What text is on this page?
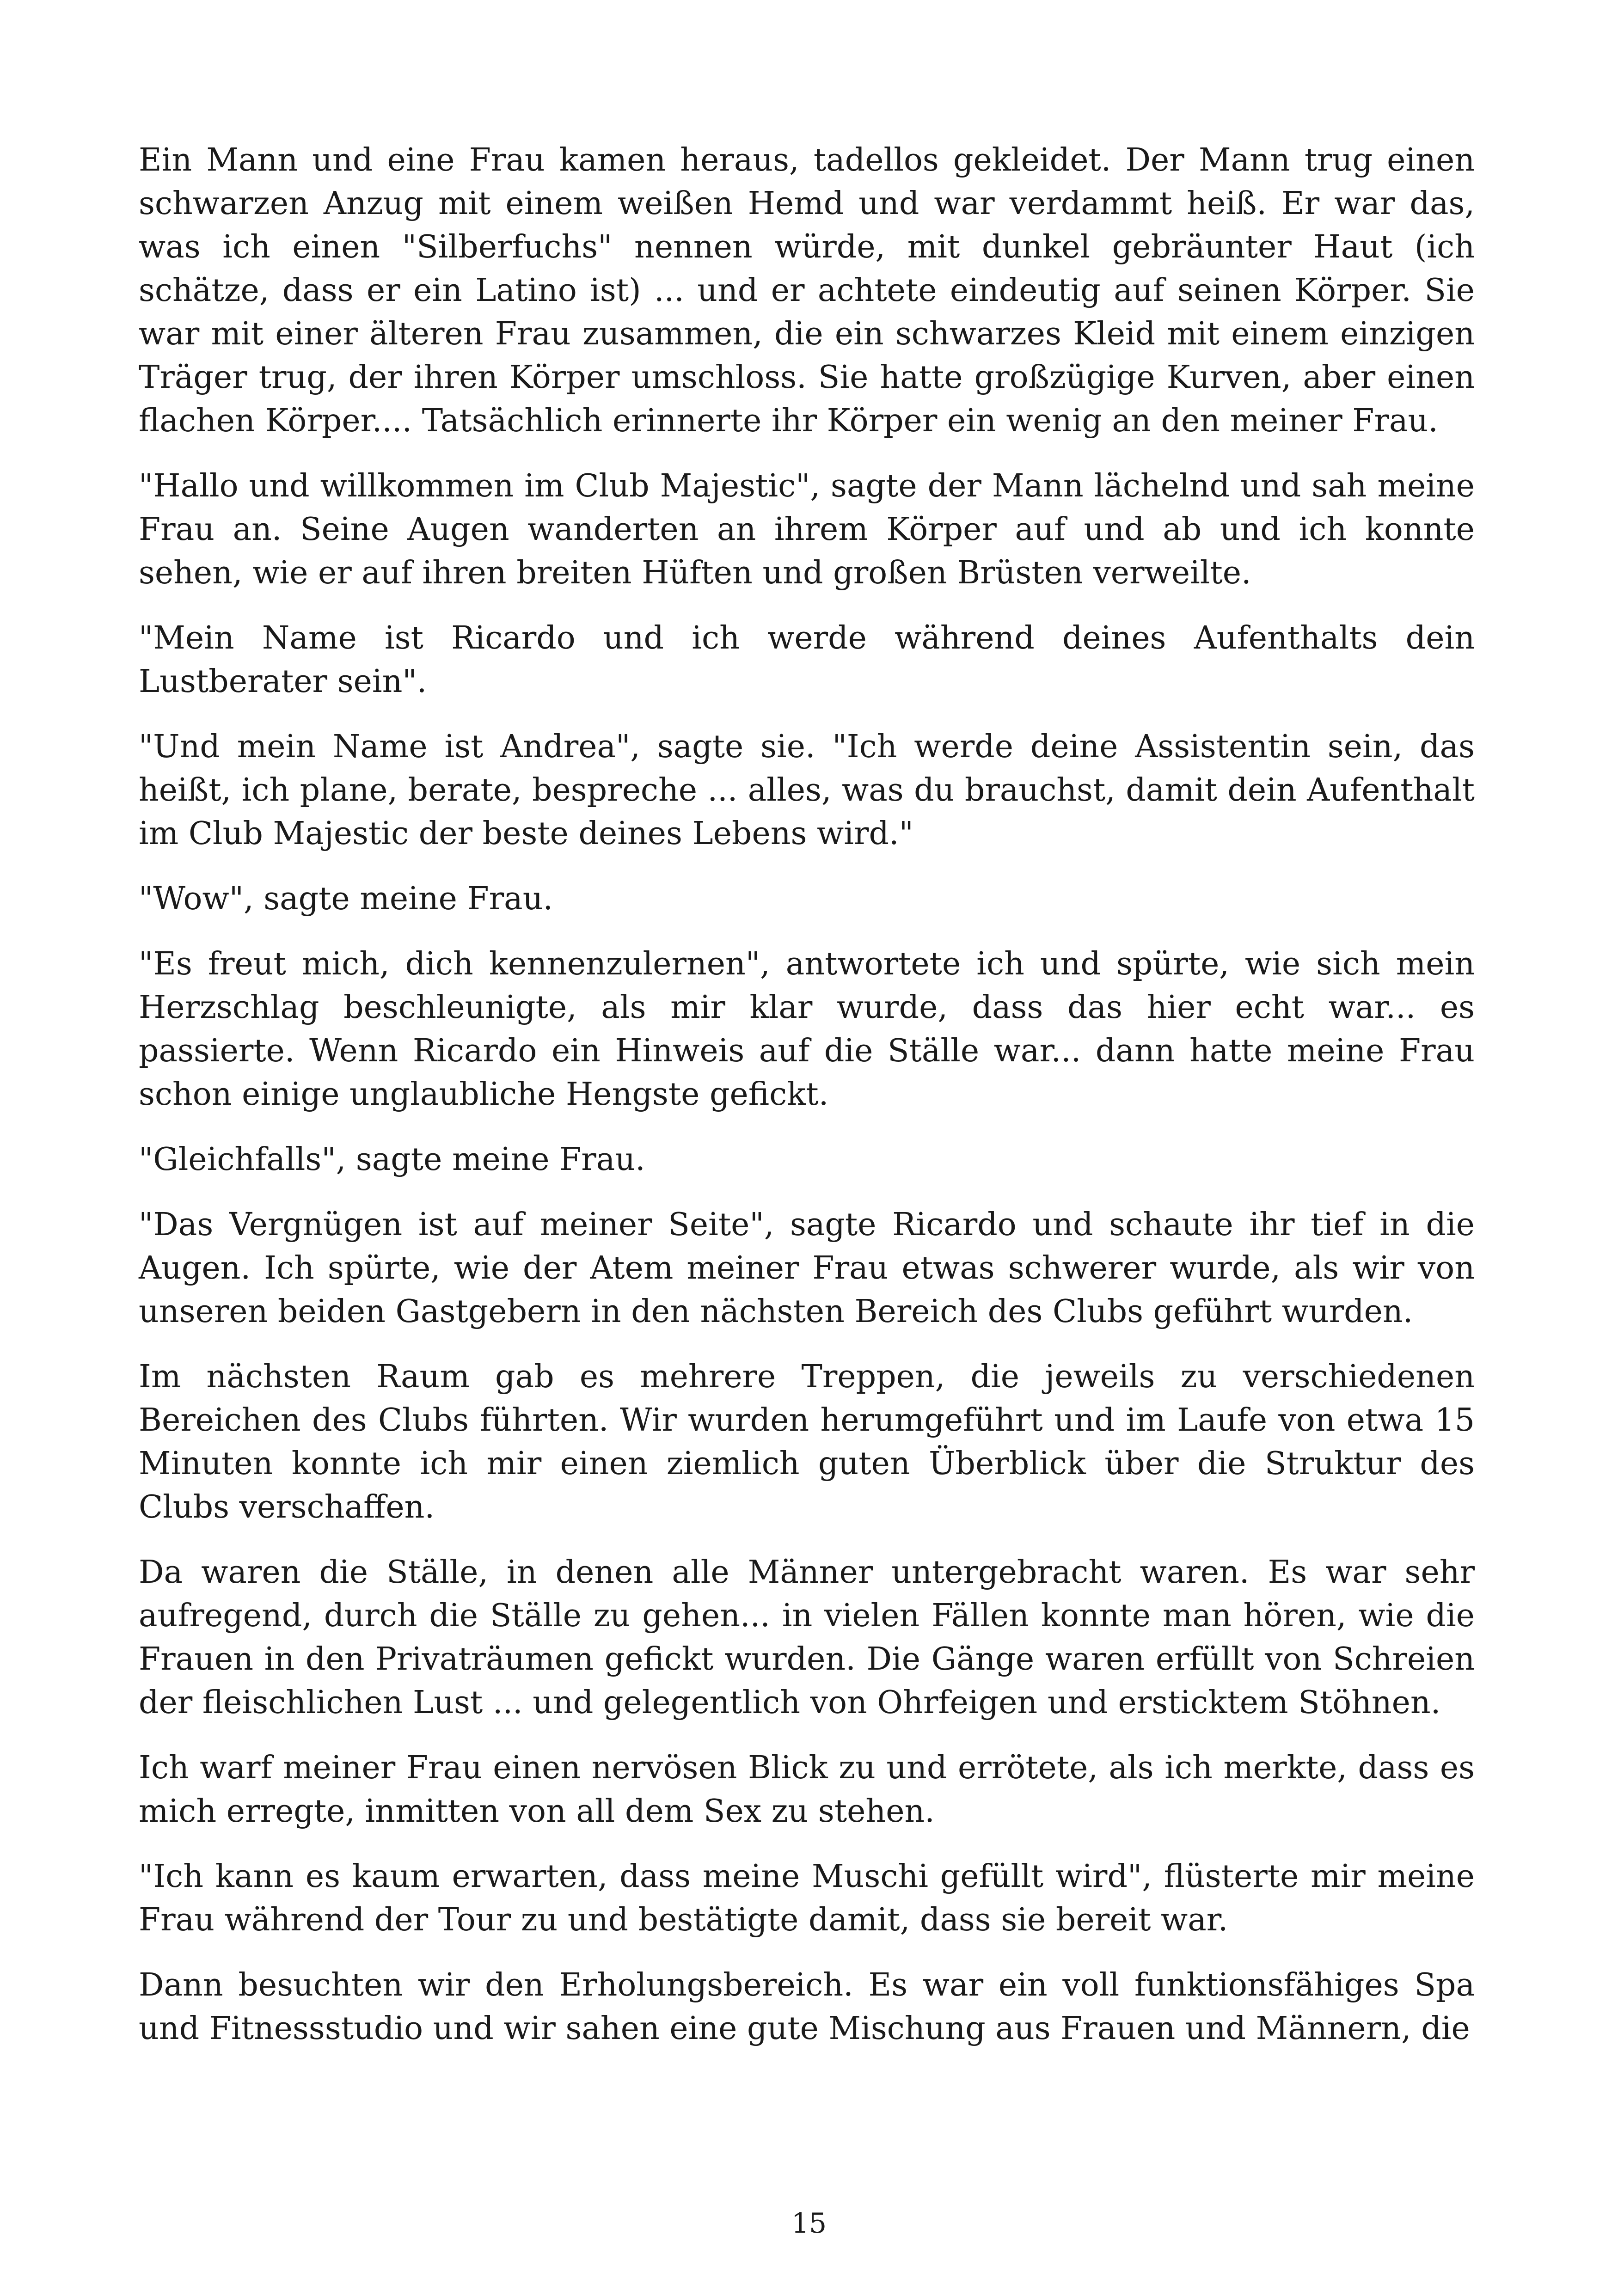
Ein Mann und eine Frau kamen heraus, tadellos gekleidet. Der Mann trug einen schwarzen Anzug mit einem weißen Hemd und war verdammt heiß. Er war das, was ich einen "Silberfuchs" nennen würde, mit dunkel gebräunter Haut (ich schätze, dass er ein Latino ist) ... und er achtete eindeutig auf seinen Körper. Sie war mit einer älteren Frau zusammen, die ein schwarzes Kleid mit einem einzigen Träger trug, der ihren Körper umschloss. Sie hatte großzügige Kurven, aber einen flachen Körper.... Tatsächlich erinnerte ihr Körper ein wenig an den meiner Frau.

"Hallo und willkommen im Club Majestic", sagte der Mann lächelnd und sah meine Frau an. Seine Augen wanderten an ihrem Körper auf und ab und ich konnte sehen, wie er auf ihren breiten Hüften und großen Brüsten verweilte.

"Mein Name ist Ricardo und ich werde während deines Aufenthalts dein Lustberater sein".

"Und mein Name ist Andrea", sagte sie. "Ich werde deine Assistentin sein, das heißt, ich plane, berate, bespreche ... alles, was du brauchst, damit dein Aufenthalt im Club Majestic der beste deines Lebens wird."

"Wow", sagte meine Frau.

"Es freut mich, dich kennenzulernen", antwortete ich und spürte, wie sich mein Herzschlag beschleunigte, als mir klar wurde, dass das hier echt war... es passierte. Wenn Ricardo ein Hinweis auf die Ställe war... dann hatte meine Frau schon einige unglaubliche Hengste gefickt.

"Gleichfalls", sagte meine Frau.

"Das Vergnügen ist auf meiner Seite", sagte Ricardo und schaute ihr tief in die Augen. Ich spürte, wie der Atem meiner Frau etwas schwerer wurde, als wir von unseren beiden Gastgebern in den nächsten Bereich des Clubs geführt wurden.

Im nächsten Raum gab es mehrere Treppen, die jeweils zu verschiedenen Bereichen des Clubs führten. Wir wurden herumgeführt und im Laufe von etwa 15 Minuten konnte ich mir einen ziemlich guten Überblick über die Struktur des Clubs verschaffen.

Da waren die Ställe, in denen alle Männer untergebracht waren. Es war sehr aufregend, durch die Ställe zu gehen... in vielen Fällen konnte man hören, wie die Frauen in den Privaträumen gefickt wurden. Die Gänge waren erfüllt von Schreien der fleischlichen Lust ... und gelegentlich von Ohrfeigen und ersticktem Stöhnen.

Ich warf meiner Frau einen nervösen Blick zu und errötete, als ich merkte, dass es mich erregte, inmitten von all dem Sex zu stehen.

"Ich kann es kaum erwarten, dass meine Muschi gefüllt wird", flüsterte mir meine Frau während der Tour zu und bestätigte damit, dass sie bereit war.

Dann besuchten wir den Erholungsbereich. Es war ein voll funktionsfähiges Spa und Fitnessstudio und wir sahen eine gute Mischung aus Frauen und Männern, die

15
